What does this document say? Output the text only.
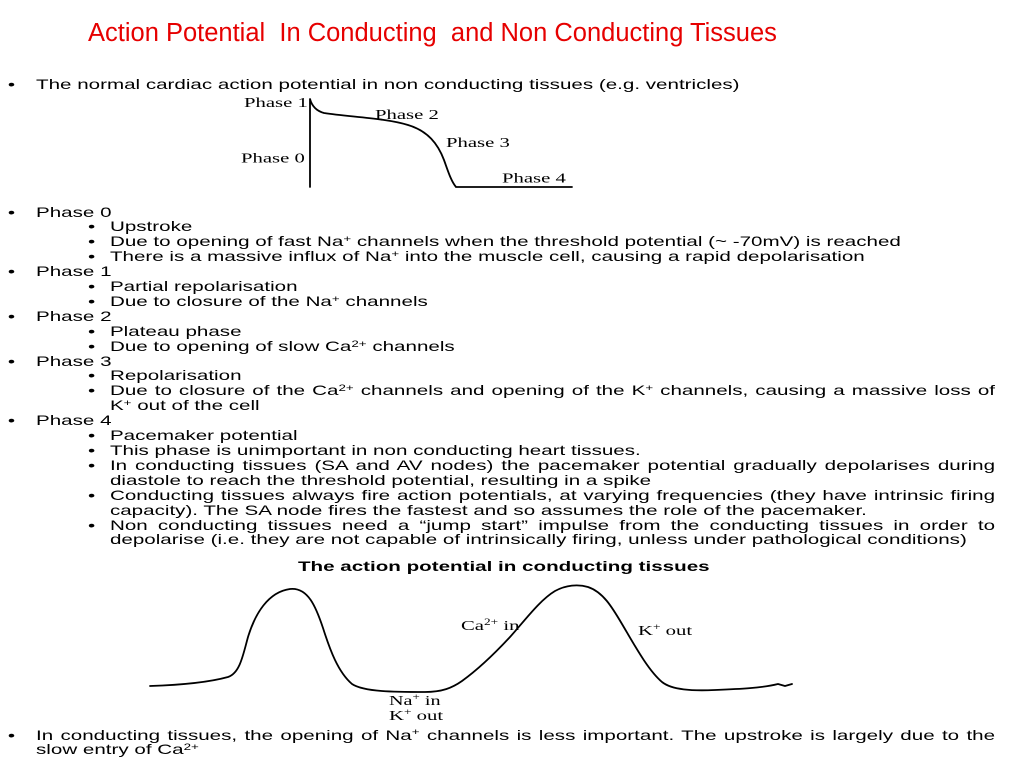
Action Potential  In Conducting  and Non Conducting Tissues
•
The normal cardiac action potential in non conducting tissues (e.g. ventricles)
•
Phase 0
•
Upstroke
•
Due to opening of fast Na+ channels when the threshold potential (~ -70mV) is reached
•
There is a massive influx of Na+ into the muscle cell, causing a rapid depolarisation
•
Phase 1
•
Partial repolarisation
•
Due to closure of the Na+ channels
•
Phase 2
•
Plateau phase
•
Due to opening of slow $Ca^{2+}$ channels
•
Phase 3
•
Repolarisation
•
Due to closure of the $Ca^{2+}$ channels and opening of the K+ channels, causing a massive loss of K+ out of the cell
•
Phase 4
•
Pacemaker potential
•
This phase is unimportant in non conducting heart tissues.
•
In conducting tissues (SA and AV nodes) the pacemaker potential gradually depolarises during diastole to reach the threshold potential, resulting in a spike
•
Conducting tissues always fire action potentials, at varying frequencies (they have intrinsic firing capacity). The SA node fires the fastest and so assumes the role of the pacemaker.
•
Non conducting tissues need a “jump start” impulse from the conducting tissues in order to depolarise (i.e. they are not capable of intrinsically firing, unless under pathological conditions)
The action potential in conducting tissues
•
In conducting tissues, the opening of Na+ channels is less important. The upstroke is largely due to the slow entry of $Ca^{2+}$
Phase 1
Phase 2
Phase 3
Phase 0
Phase 4
$Ca^{2+}$ in	K+ out
Na+ in
K+ out
